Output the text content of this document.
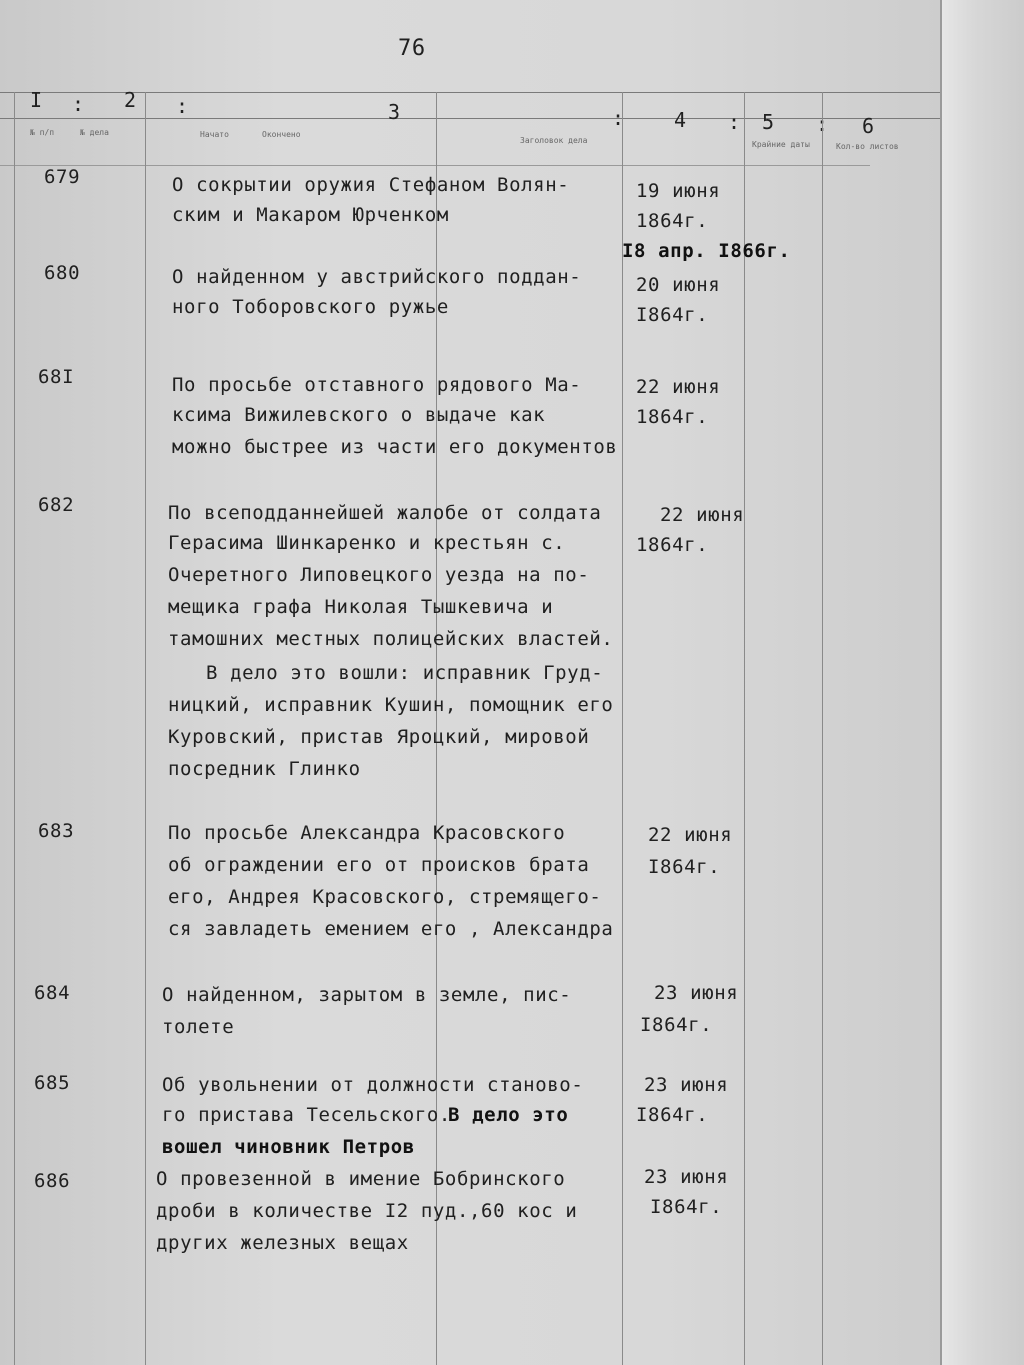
76
I : 2 :	3	: 4 : 5 : 6
№ п/п	№ дела	Начато	Окончено
Заголовок дела	Крайние даты	Кол-во листов
679	О сокрытии оружия Стефаном Волян-
ским и Макаром Юрченком
19 июня
1864г.
I8 апр. I866г.
680	О найденном у австрийского поддан-
ного Тоборовского ружье
20 июня
I864г.
68I	По просьбе отставного рядового Ма-
ксима Вижилевского о выдаче как
можно быстрее из части его документов
22 июня
1864г.
682	По всеподданнейшей жалобе от солдата
Герасима Шинкаренко и крестьян с.
Очеретного Липовецкого уезда на по-
мещика графа Николая Тышкевича и
тамошних местных полицейских властей.
В дело это вошли: исправник Груд-
ницкий, исправник Кушин, помощник его
Куровский, пристав Яроцкий, мировой
посредник Глинко
22 июня
1864г.
683	По просьбе Александра Красовского
об ограждении его от происков брата
его, Андрея Красовского, стремящего-
ся завладеть емением его , Александра
22 июня
I864г.
684	О найденном, зарытом в земле, пис-
толете
23 июня
I864г.
685	Об увольнении от должности станово-
го пристава Тесельского.
В дело это
вошел чиновник Петров
23 июня
I864г.
686	О провезенной в имение Бобринского
дроби в количестве I2 пуд.,60 кос и
других железных вещах
23 июня
I864г.
